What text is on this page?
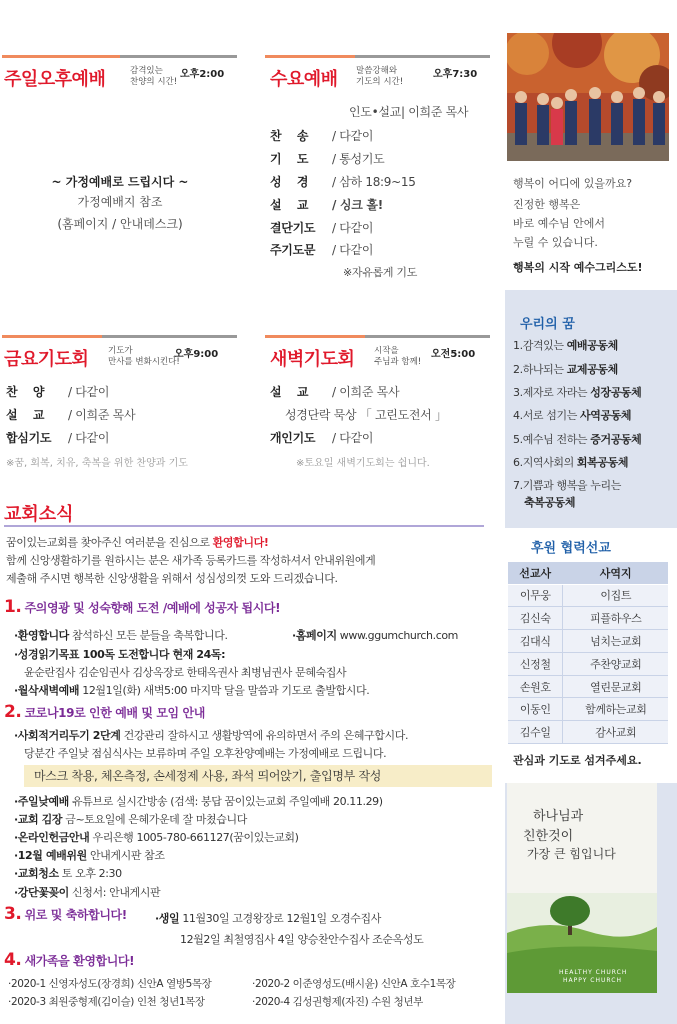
주일오후예배	감격있는
찬양의 시간!
오후2:00
~ 가정예배로 드립시다 ~
가정예배지 참조
(홈페이지 / 안내데스크)
수요예배 말씀강해와
기도의 시간!
오후7:30
인도•설교| 이희준 목사
찬　 송 / 다같이
기　 도 / 통성기도
성　 경 / 삼하 18:9~15
설　 교 / 싱크 홀!
결단기도 / 다같이
주기도문 / 다같이
※자유롭게 기도
금요기도회 기도가
만사를 변화시킨다!
오후9:00
찬　 양 / 다같이
설　 교 / 이희준 목사
합심기도 / 다같이
※꿈, 회복, 치유, 축복을 위한 찬양과 기도
새벽기도회 시작을
주님과 함께!
오전5:00
설　 교 / 이희준 목사
성경단락 묵상 「 고린도전서 」
개인기도 / 다같이
※토요일 새벽기도회는 쉽니다.
교회소식
꿈이있는교회를 찾아주신 여러분을 진심으로 환영합니다!
함께 신앙생활하기를 원하시는 분은 새가족 등록카드를 작성하셔서 안내위원에게
제출해 주시면 행복한 신앙생활을 위해서 성심성의껏 도와 드리겠습니다.
1. 주의영광 및 성숙향해 도전 /예배에 성공자 됩시다!
·환영합니다 참석하신 모든 분들을 축복합니다.	·홈페이지 www.ggumchurch.com
·성경읽기목표 100독 도전합니다 현재 24독:
윤순란집사 김순임권사 김상옥장로 한태옥권사 최병님권사 문혜숙집사
·월삭새벽예배 12월1일(화) 새벽5:00 마지막 달을 말씀과 기도로 출발합시다.
2. 코로나19로 인한 예배 및 모임 안내
·사회적거리두기 2단계 건강관리 잘하시고 생활방역에 유의하면서 주의 은혜구합시다.
당분간 주일낮 점심식사는 보류하며 주일 오후찬양예배는 가정예배로 드립니다.
마스크 착용, 체온측정, 손세정제 사용, 좌석 띄어앉기, 출입명부 작성
·주일낮예배 유튜브로 실시간방송 (검색: 붕답 꿈이있는교회 주일예배 20.11.29)
·교회 김장 금~토요일에 은혜가운데 잘 마쳤습니다
·온라인헌금안내 우리은행 1005-780-661127(꿈이있는교회)
·12월 예배위원 안내게시판 참조
·교회청소 토 오후 2:30
·강단꽃꽂이 신청서: 안내게시판
3. 위로 및 축하합니다!	·생일 11월30일 고경왕장로 12월1일 오경수집사
12월2일 최철영집사 4일 양승찬안수집사 조순옥성도
4. 새가족을 환영합니다!
·2020-1 신영자성도(장경희) 신안A 열방5목장	·2020-2 이준영성도(배시윤) 신안A 호수1목장
·2020-3 최원중형제(김이슬) 인천 청년1목장	·2020-4 김성권형제(자진) 수원 청년부
행복이 어디에 있을까요?
진정한 행복은
바로 예수님 안에서
누릴 수 있습니다.
행복의 시작 예수그리스도!
우리의 꿈
1.감격있는 예배공동체
2.하나되는 교제공동체
3.제자로 자라는 성장공동체
4.서로 섬기는 사역공동체
5.예수님 전하는 증거공동체
6.지역사회의 회복공동체
7.기쁨과 행복을 누리는
축복공동체
후원 협력선교
선교사	사역지
이무웅	이집트
김신숙	피플하우스
김대식	넘치는교회
신정철	주찬양교회
손원호	열린문교회
이동인	함께하는교회
김수일	감사교회
관심과 기도로 섬겨주세요.
하나님과
친한것이
가장 큰 힘입니다
HEALTHY CHURCH
HAPPY CHURCH
